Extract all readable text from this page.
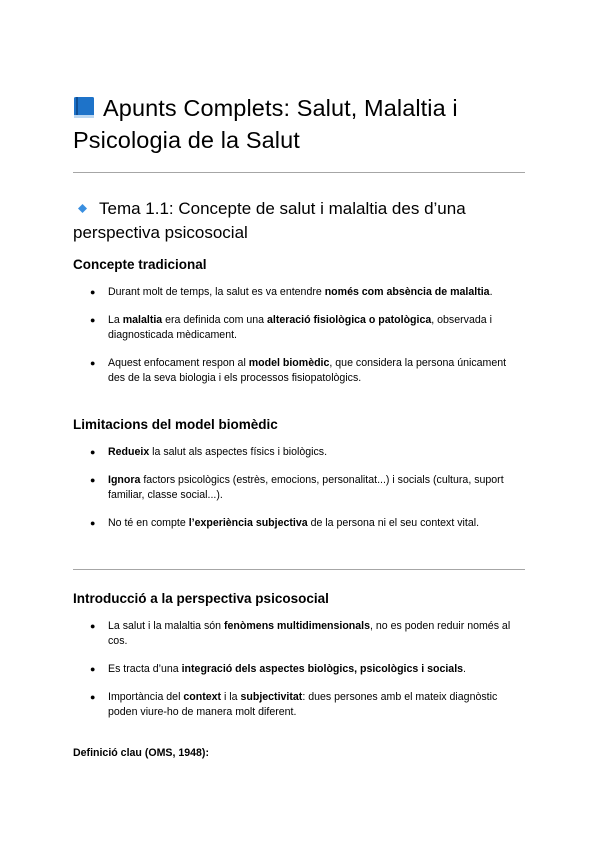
Apunts Complets: Salut, Malaltia i Psicologia de la Salut
Tema 1.1: Concepte de salut i malaltia des d’una perspectiva psicosocial
Concepte tradicional
● Durant molt de temps, la salut es va entendre només com absència de malaltia.
● La malaltia era definida com una alteració fisiològica o patològica, observada i diagnosticada mèdicament.
● Aquest enfocament respon al model biomèdic, que considera la persona únicament des de la seva biologia i els processos fisiopatològics.
Limitacions del model biomèdic
● Redueix la salut als aspectes físics i biològics.
● Ignora factors psicològics (estrès, emocions, personalitat...) i socials (cultura, suport familiar, classe social...).
● No té en compte l’experiència subjectiva de la persona ni el seu context vital.
Introducció a la perspectiva psicosocial
● La salut i la malaltia són fenòmens multidimensionals, no es poden reduir només al cos.
● Es tracta d’una integració dels aspectes biològics, psicològics i socials.
● Importància del context i la subjectivitat: dues persones amb el mateix diagnòstic poden viure-ho de manera molt diferent.

Definició clau (OMS, 1948):
